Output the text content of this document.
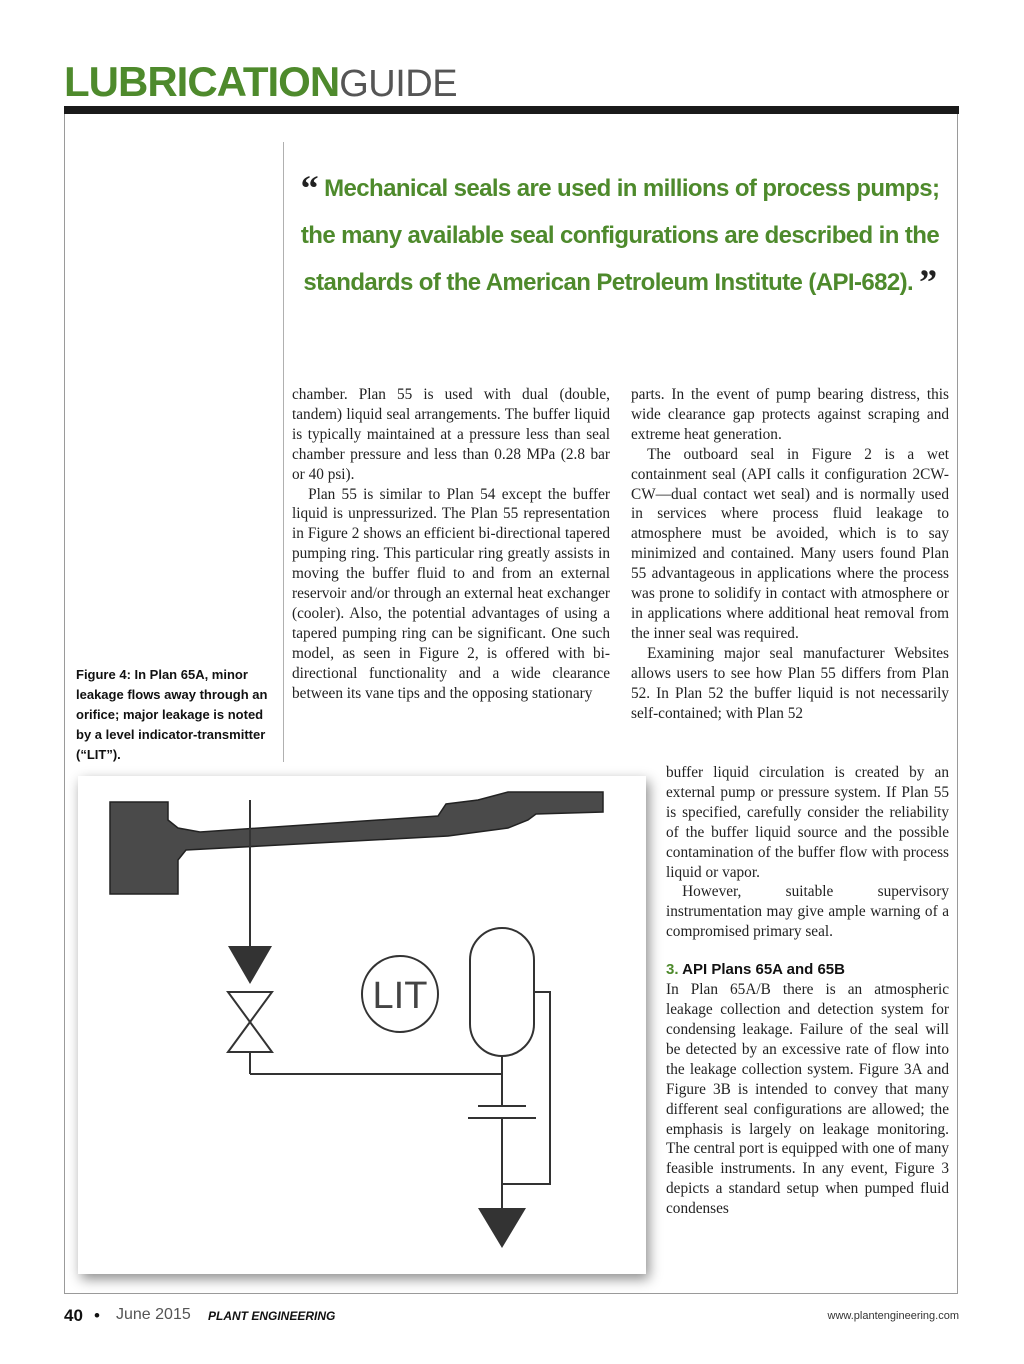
LUBRICATION GUIDE
“ Mechanical seals are used in millions of process pumps; the many available seal configurations are described in the standards of the American Petroleum Institute (API-682). ”
Figure 4: In Plan 65A, minor leakage flows away through an orifice; major leakage is noted by a level indicator-transmitter (“LIT”).

chamber. Plan 55 is used with dual (double, tandem) liquid seal arrangements. The buffer liquid is typically maintained at a pressure less than seal chamber pressure and less than 0.28 MPa (2.8 bar or 40 psi).

Plan 55 is similar to Plan 54 except the buffer liquid is unpressurized. The Plan 55 representation in Figure 2 shows an efficient bi-directional tapered pumping ring. This particular ring greatly assists in moving the buffer fluid to and from an external reservoir and/or through an external heat exchanger (cooler). Also, the potential advantages of using a tapered pumping ring can be significant. One such model, as seen in Figure 2, is offered with bi-directional functionality and a wide clearance between its vane tips and the opposing stationary

parts. In the event of pump bearing distress, this wide clearance gap protects against scraping and extreme heat generation.

The outboard seal in Figure 2 is a wet containment seal (API calls it configuration 2CW-CW—dual contact wet seal) and is normally used in services where process fluid leakage to atmosphere must be avoided, which is to say minimized and contained. Many users found Plan 55 advantageous in applications where the process was prone to solidify in contact with atmosphere or in applications where additional heat removal from the inner seal was required.

Examining major seal manufacturer Websites allows users to see how Plan 55 differs from Plan 52. In Plan 52 the buffer liquid is not necessarily self-contained; with Plan 52

buffer liquid circulation is created by an external pump or pressure system. If Plan 55 is specified, carefully consider the reliability of the buffer liquid source and the possible contamination of the buffer flow with process liquid or vapor.

However, suitable supervisory instrumentation may give ample warning of a compromised primary seal.

3. API Plans 65A and 65B

In Plan 65A/B there is an atmospheric leakage collection and detection system for condensing leakage. Failure of the seal will be detected by an excessive rate of flow into the leakage collection system. Figure 3A and Figure 3B is intended to convey that many different seal configurations are allowed; the emphasis is largely on leakage monitoring. The central port is equipped with one of many feasible instruments. In any event, Figure 3 depicts a standard setup when pumped fluid condenses

LIT
40 • June 2015 PLANT ENGINEERING	www.plantengineering.com
